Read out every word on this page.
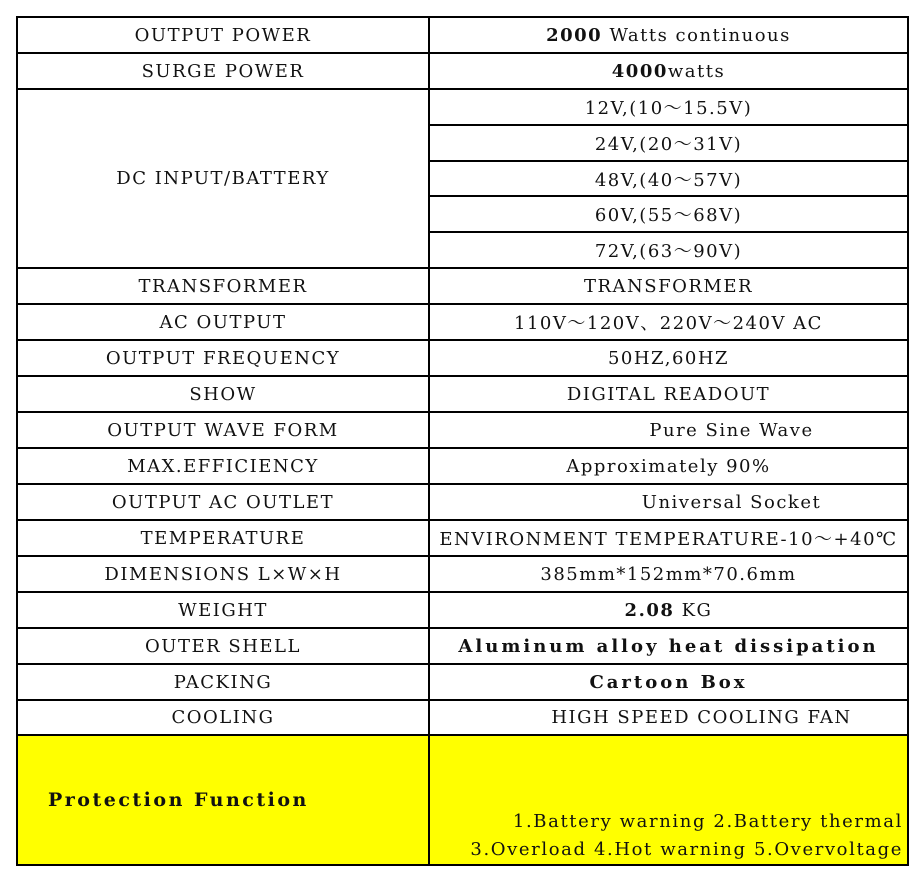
OUTPUT POWER	2000 Watts continuous
SURGE POWER	4000watts
DC INPUT/BATTERY	12V,(10～15.5V)
	24V,(20～31V)
	48V,(40～57V)
	60V,(55～68V)
	72V,(63～90V)
TRANSFORMER	TRANSFORMER
AC OUTPUT	110V～120V、220V～240V AC
OUTPUT FREQUENCY	50HZ,60HZ
SHOW	DIGITAL READOUT
OUTPUT WAVE FORM	Pure Sine Wave
MAX.EFFICIENCY	Approximately 90%
OUTPUT AC OUTLET	Universal Socket
TEMPERATURE	ENVIRONMENT TEMPERATURE-10～+40℃
DIMENSIONS L×W×H	385mm*152mm*70.6mm
WEIGHT	2.08 KG
OUTER SHELL	Aluminum alloy heat dissipation
PACKING	Cartoon Box
COOLING	HIGH SPEED COOLING FAN
Protection Function	1.Battery warning 2.Battery thermal
3.Overload 4.Hot warning 5.Overvoltage
